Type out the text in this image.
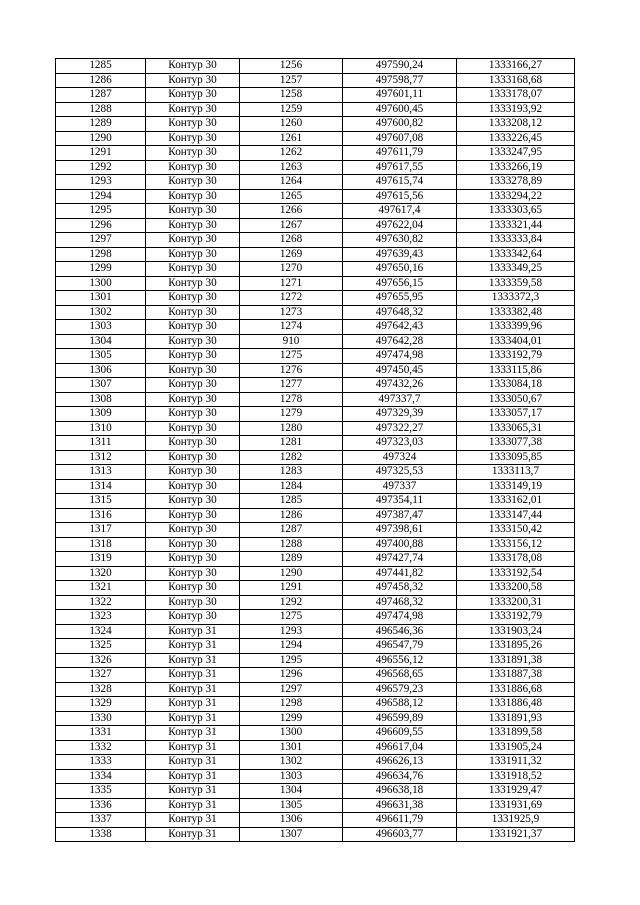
1285	Контур 30	1256	497590,24	1333166,27
1286	Контур 30	1257	497598,77	1333168,68
1287	Контур 30	1258	497601,11	1333178,07
1288	Контур 30	1259	497600,45	1333193,92
1289	Контур 30	1260	497600,82	1333208,12
1290	Контур 30	1261	497607,08	1333226,45
1291	Контур 30	1262	497611,79	1333247,95
1292	Контур 30	1263	497617,55	1333266,19
1293	Контур 30	1264	497615,74	1333278,89
1294	Контур 30	1265	497615,56	1333294,22
1295	Контур 30	1266	497617,4	1333303,65
1296	Контур 30	1267	497622,04	1333321,44
1297	Контур 30	1268	497630,82	1333333,84
1298	Контур 30	1269	497639,43	1333342,64
1299	Контур 30	1270	497650,16	1333349,25
1300	Контур 30	1271	497656,15	1333359,58
1301	Контур 30	1272	497655,95	1333372,3
1302	Контур 30	1273	497648,32	1333382,48
1303	Контур 30	1274	497642,43	1333399,96
1304	Контур 30	910	497642,28	1333404,01
1305	Контур 30	1275	497474,98	1333192,79
1306	Контур 30	1276	497450,45	1333115,86
1307	Контур 30	1277	497432,26	1333084,18
1308	Контур 30	1278	497337,7	1333050,67
1309	Контур 30	1279	497329,39	1333057,17
1310	Контур 30	1280	497322,27	1333065,31
1311	Контур 30	1281	497323,03	1333077,38
1312	Контур 30	1282	497324	1333095,85
1313	Контур 30	1283	497325,53	1333113,7
1314	Контур 30	1284	497337	1333149,19
1315	Контур 30	1285	497354,11	1333162,01
1316	Контур 30	1286	497387,47	1333147,44
1317	Контур 30	1287	497398,61	1333150,42
1318	Контур 30	1288	497400,88	1333156,12
1319	Контур 30	1289	497427,74	1333178,08
1320	Контур 30	1290	497441,82	1333192,54
1321	Контур 30	1291	497458,32	1333200,58
1322	Контур 30	1292	497468,32	1333200,31
1323	Контур 30	1275	497474,98	1333192,79
1324	Контур 31	1293	496546,36	1331903,24
1325	Контур 31	1294	496547,79	1331895,26
1326	Контур 31	1295	496556,12	1331891,38
1327	Контур 31	1296	496568,65	1331887,38
1328	Контур 31	1297	496579,23	1331886,68
1329	Контур 31	1298	496588,12	1331886,48
1330	Контур 31	1299	496599,89	1331891,93
1331	Контур 31	1300	496609,55	1331899,58
1332	Контур 31	1301	496617,04	1331905,24
1333	Контур 31	1302	496626,13	1331911,32
1334	Контур 31	1303	496634,76	1331918,52
1335	Контур 31	1304	496638,18	1331929,47
1336	Контур 31	1305	496631,38	1331931,69
1337	Контур 31	1306	496611,79	1331925,9
1338	Контур 31	1307	496603,77	1331921,37
